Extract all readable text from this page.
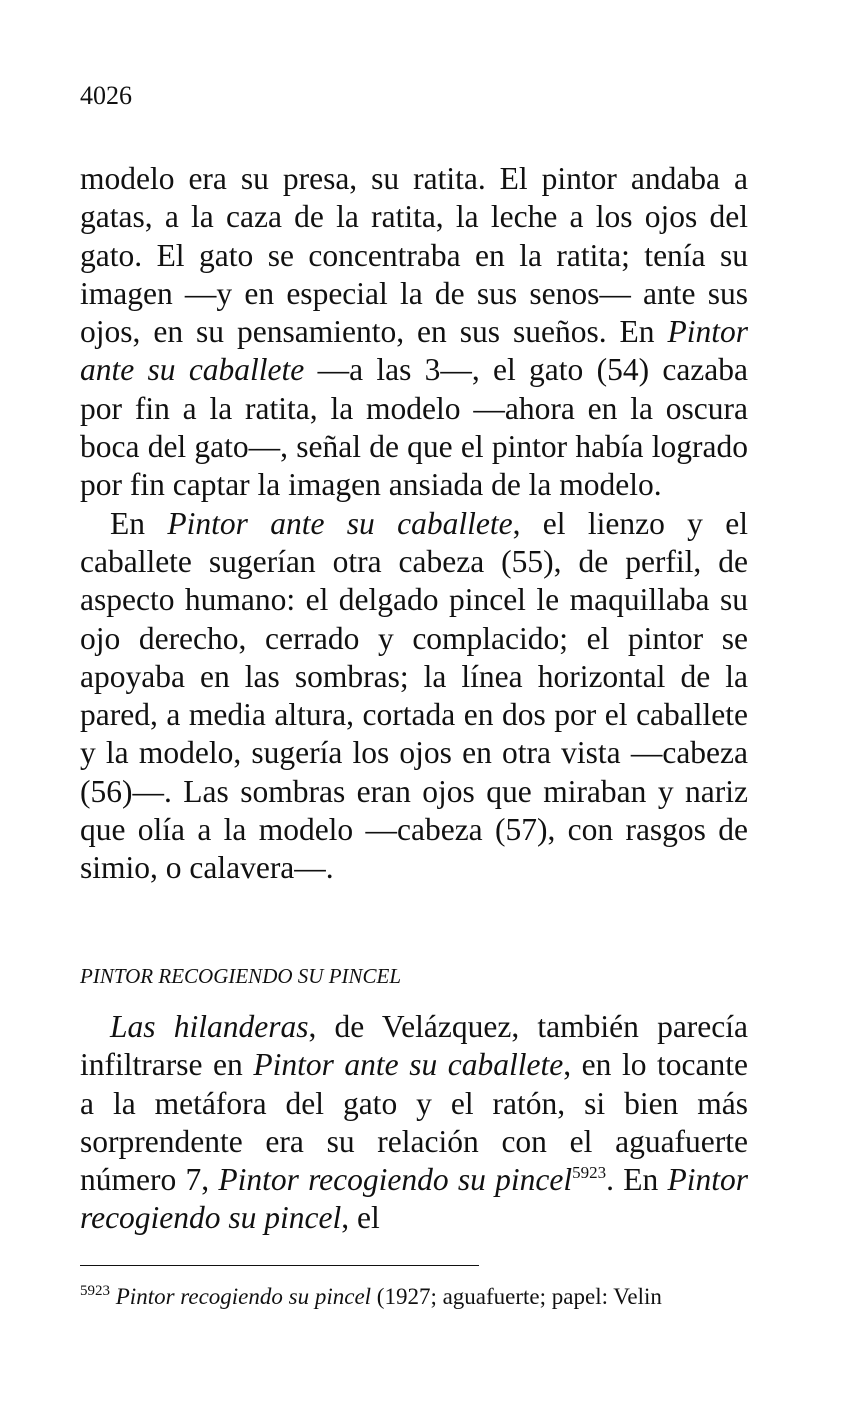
4026

modelo era su presa, su ratita. El pintor andaba a gatas, a la caza de la ratita, la leche a los ojos del gato. El gato se concentraba en la ratita; tenía su imagen —y en especial la de sus senos— ante sus ojos, en su pensamiento, en sus sueños. En Pintor ante su caballete —a las 3—, el gato (54) cazaba por fin a la ratita, la modelo —ahora en la oscura boca del gato—, señal de que el pintor había logrado por fin captar la imagen ansiada de la modelo.

En Pintor ante su caballete, el lienzo y el caballete sugerían otra cabeza (55), de perfil, de aspecto humano: el delgado pincel le maquillaba su ojo derecho, cerrado y complacido; el pintor se apoyaba en las sombras; la línea horizontal de la pared, a media altura, cortada en dos por el caballete y la modelo, sugería los ojos en otra vista —cabeza (56)—. Las sombras eran ojos que miraban y nariz que olía a la modelo —cabeza (57), con rasgos de simio, o calavera—.

PINTOR RECOGIENDO SU PINCEL

Las hilanderas, de Velázquez, también parecía infiltrarse en Pintor ante su caballete, en lo tocante a la metáfora del gato y el ratón, si bien más sorprendente era su relación con el aguafuerte número 7, Pintor recogiendo su pincel$^{5923}$. En Pintor recogiendo su pincel, el

$^{5923}$ Pintor recogiendo su pincel (1927; aguafuerte; papel: Velin
